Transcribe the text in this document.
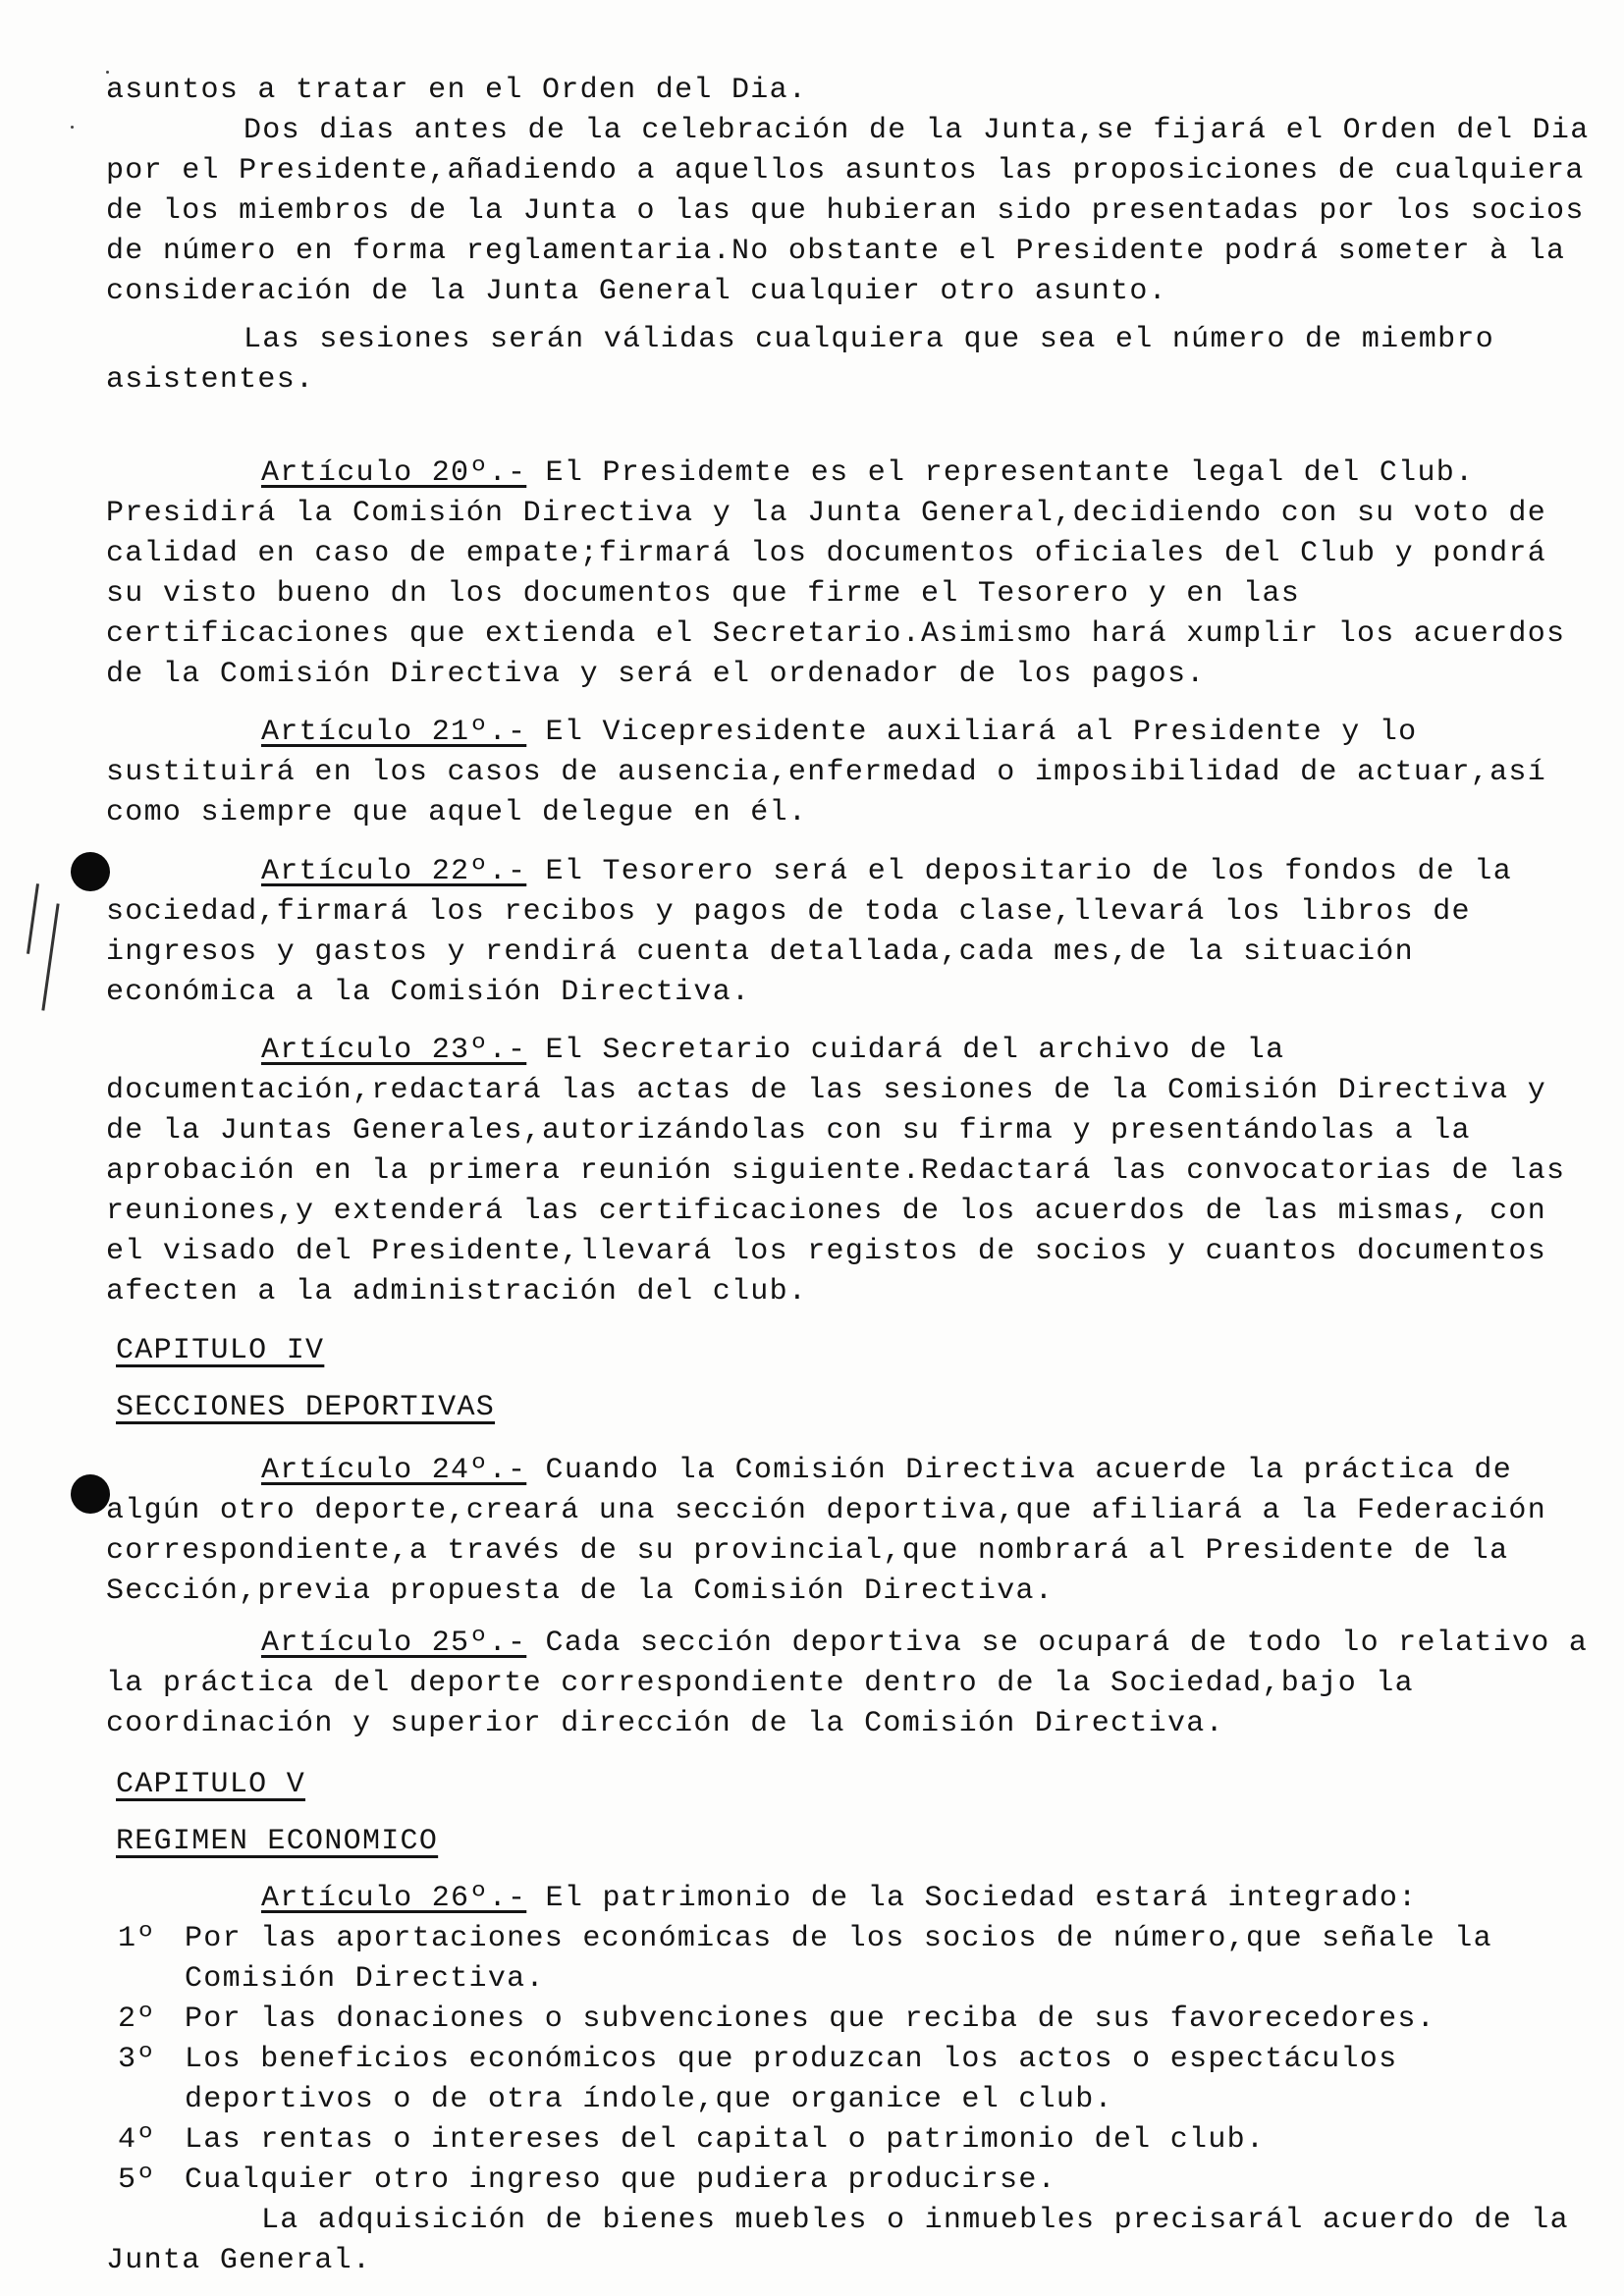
asuntos a tratar en el Orden del Dia.

Dos dias antes de la celebración de la Junta,se fijará el Orden del Dia por el Presidente,añadiendo a aquellos asuntos las proposiciones de cualquiera de los miembros de la Junta o las que hubieran sido presentadas por los socios de número en forma reglamentaria.No obstante el Presidente podrá someter à la consideración de la Junta General cualquier otro asunto.

Las sesiones serán válidas cualquiera que sea el número de miembro asistentes.

Artículo 20º.- El Presidemte es el representante legal del Club. Presidirá la Comisión Directiva y la Junta General,decidiendo con su voto de calidad en caso de empate;firmará los documentos oficiales del Club y pondrá su visto bueno dn los documentos que firme el Tesorero y en las certificaciones que extienda el Secretario.Asimismo hará xumplir los acuerdos de la Comisión Directiva y será el ordenador de los pagos.

Artículo 21º.- El Vicepresidente auxiliará al Presidente y lo sustituirá en los casos de ausencia,enfermedad o imposibilidad de actuar,así como siempre que aquel delegue en él.

Artículo 22º.- El Tesorero será el depositario de los fondos de la sociedad,firmará los recibos y pagos de toda clase,llevará los libros de ingresos y gastos y rendirá cuenta detallada,cada mes,de la situación económica a la Comisión Directiva.

Artículo 23º.- El Secretario cuidará del archivo de la documentación,redactará las actas de las sesiones de la Comisión Directiva y de la Juntas Generales,autorizándolas con su firma y presentándolas a la aprobación en la primera reunión siguiente.Redactará las convocatorias de las reuniones,y extenderá las certificaciones de los acuerdos de las mismas, con el visado del Presidente,llevará los registos de socios y cuantos documentos afecten a la administración del club.

CAPITULO IV
SECCIONES DEPORTIVAS

Artículo 24º.- Cuando la Comisión Directiva acuerde la práctica de algún otro deporte,creará una sección deportiva,que afiliará a la Federación correspondiente,a través de su provincial,que nombrará al Presidente de la Sección,previa propuesta de la Comisión Directiva.

Artículo 25º.- Cada sección deportiva se ocupará de todo lo relativo a la práctica del deporte correspondiente dentro de la Sociedad,bajo la coordinación y superior dirección de la Comisión Directiva.

CAPITULO V
REGIMEN ECONOMICO

Artículo 26º.- El patrimonio de la Sociedad estará integrado:

1º Por las aportaciones económicas de los socios de número,que señale la Comisión Directiva.
2º Por las donaciones o subvenciones que reciba de sus favorecedores.
3º Los beneficios económicos que produzcan los actos o espectáculos deportivos o de otra índole,que organice el club.
4º Las rentas o intereses del capital o patrimonio del club.
5º Cualquier otro ingreso que pudiera producirse.

La adquisición de bienes muebles o inmuebles precisarál acuerdo de la Junta General.
